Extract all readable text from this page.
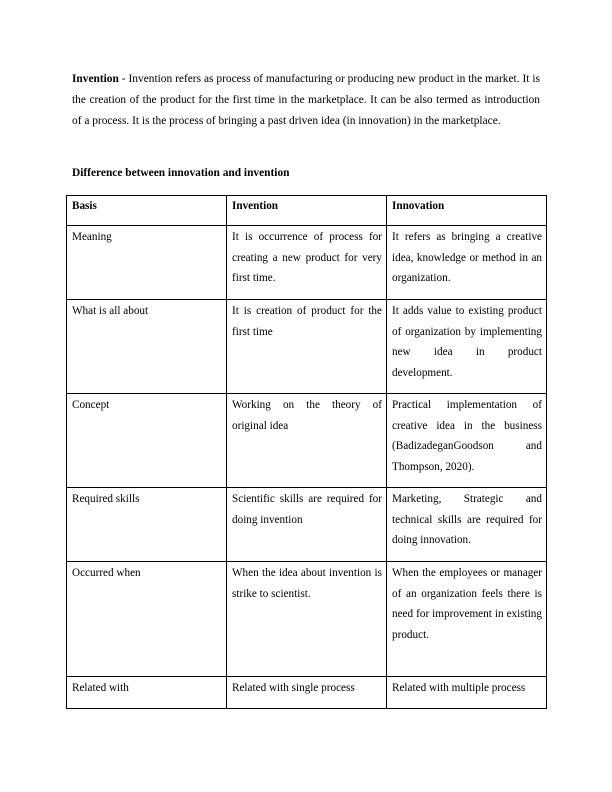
Invention - Invention refers as process of manufacturing or producing new product in the market. It is the creation of the product for the first time in the marketplace. It can be also termed as introduction of a process. It is the process of bringing a past driven idea (in innovation) in the marketplace.

Difference between innovation and invention

Basis	Invention	Innovation
Meaning	It is occurrence of process for creating a new product for very first time.	It refers as bringing a creative idea, knowledge or method in an organization.
What is all about	It is creation of product for the first time	It adds value to existing product of organization by implementing new idea in product development.
Concept	Working on the theory of original idea	Practical implementation of creative idea in the business (BadizadeganGoodson and Thompson, 2020).
Required skills	Scientific skills are required for doing invention	Marketing, Strategic and technical skills are required for doing innovation.
Occurred when	When the idea about invention is strike to scientist.	When the employees or manager of an organization feels there is need for improvement in existing product.
Related with	Related with single process	Related with multiple process
